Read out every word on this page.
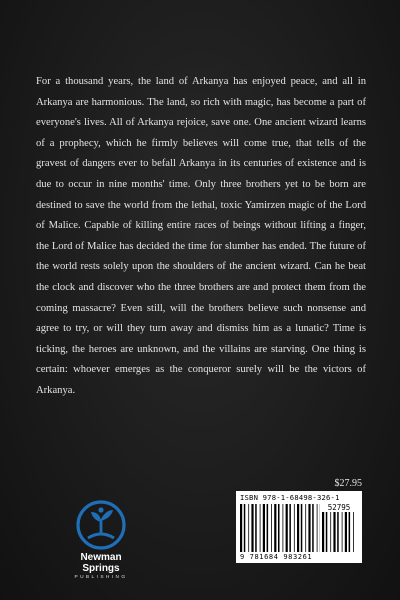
For a thousand years, the land of Arkanya has enjoyed peace, and all in Arkanya are harmonious. The land, so rich with magic, has become a part of everyone's lives. All of Arkanya rejoice, save one. One ancient wizard learns of a prophecy, which he firmly believes will come true, that tells of the gravest of dangers ever to befall Arkanya in its centuries of existence and is due to occur in nine months' time. Only three brothers yet to be born are destined to save the world from the lethal, toxic Yamirzen magic of the Lord of Malice. Capable of killing entire races of beings without lifting a finger, the Lord of Malice has decided the time for slumber has ended. The future of the world rests solely upon the shoulders of the ancient wizard. Can he beat the clock and discover who the three brothers are and protect them from the coming massacre? Even still, will the brothers believe such nonsense and agree to try, or will they turn away and dismiss him as a lunatic? Time is ticking, the heroes are unknown, and the villains are starving. One thing is certain: whoever emerges as the conqueror surely will be the victors of Arkanya.

$27.95
ISBN 978-1-68498-326-1
52795
9 781684 983261
Newman Springs
PUBLISHING
